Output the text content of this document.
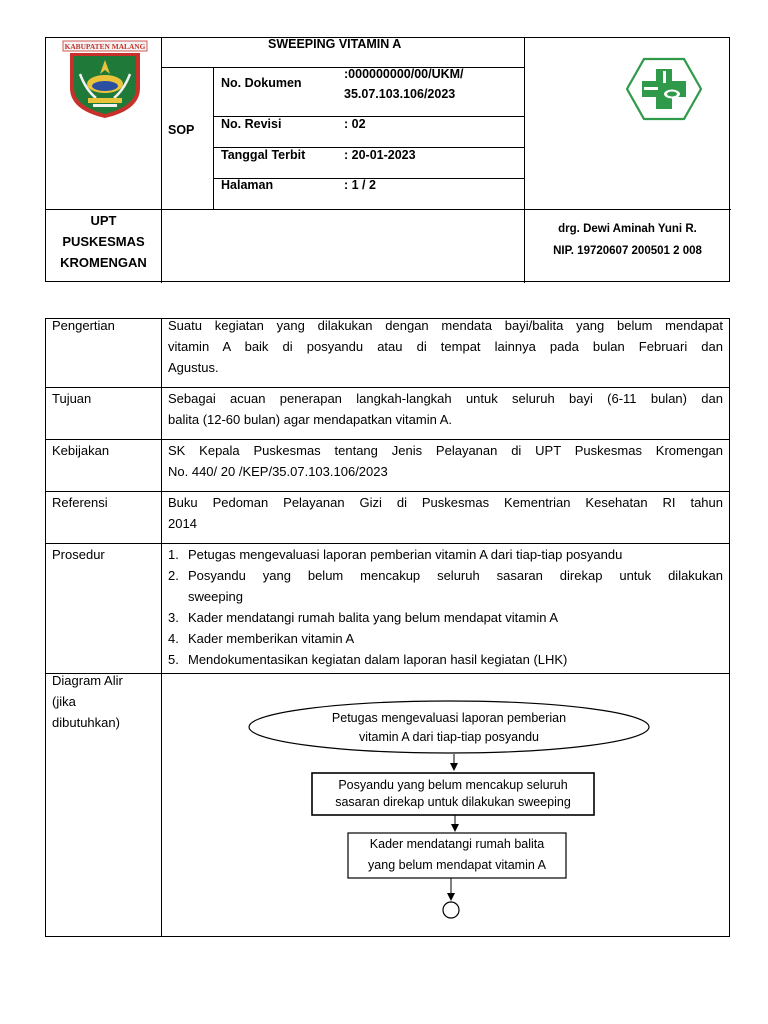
KABUPATEN MALANG	SWEEPING VITAMIN A
SOP
No. Dokumen
:000000000/00/UKM/
35.07.103.106/2023
No. Revisi	: 02
Tanggal Terbit	: 20-01-2023
Halaman	: 1 / 2
UPT
PUSKESMAS
KROMENGAN
drg. Dewi Aminah Yuni R.
NIP. 19720607 200501 2 008
Pengertian	Suatu kegiatan yang dilakukan dengan mendata bayi/balita yang belum mendapat
vitamin A baik di posyandu atau di tempat lainnya pada bulan Februari dan
Agustus.
Tujuan	Sebagai acuan penerapan langkah-langkah untuk seluruh bayi (6-11 bulan) dan
balita (12-60 bulan) agar mendapatkan vitamin A.
Kebijakan	SK Kepala Puskesmas tentang Jenis Pelayanan di UPT Puskesmas Kromengan
No. 440/ 20 /KEP/35.07.103.106/2023
Referensi	Buku Pedoman Pelayanan Gizi di Puskesmas Kementrian Kesehatan RI tahun
2014
Prosedur	1. Petugas mengevaluasi laporan pemberian vitamin A dari tiap-tiap posyandu
2. Posyandu yang belum mencakup seluruh sasaran direkap untuk dilakukan
sweeping
3. Kader mendatangi rumah balita yang belum mendapat vitamin A
4. Kader memberikan vitamin A
5. Mendokumentasikan kegiatan dalam laporan hasil kegiatan (LHK)
Diagram Alir
(jika
dibutuhkan)	Petugas mengevaluasi laporan pemberian
vitamin A dari tiap-tiap posyandu
Posyandu yang belum mencakup seluruh
sasaran direkap untuk dilakukan sweeping
Kader mendatangi rumah balita
yang belum mendapat vitamin A
